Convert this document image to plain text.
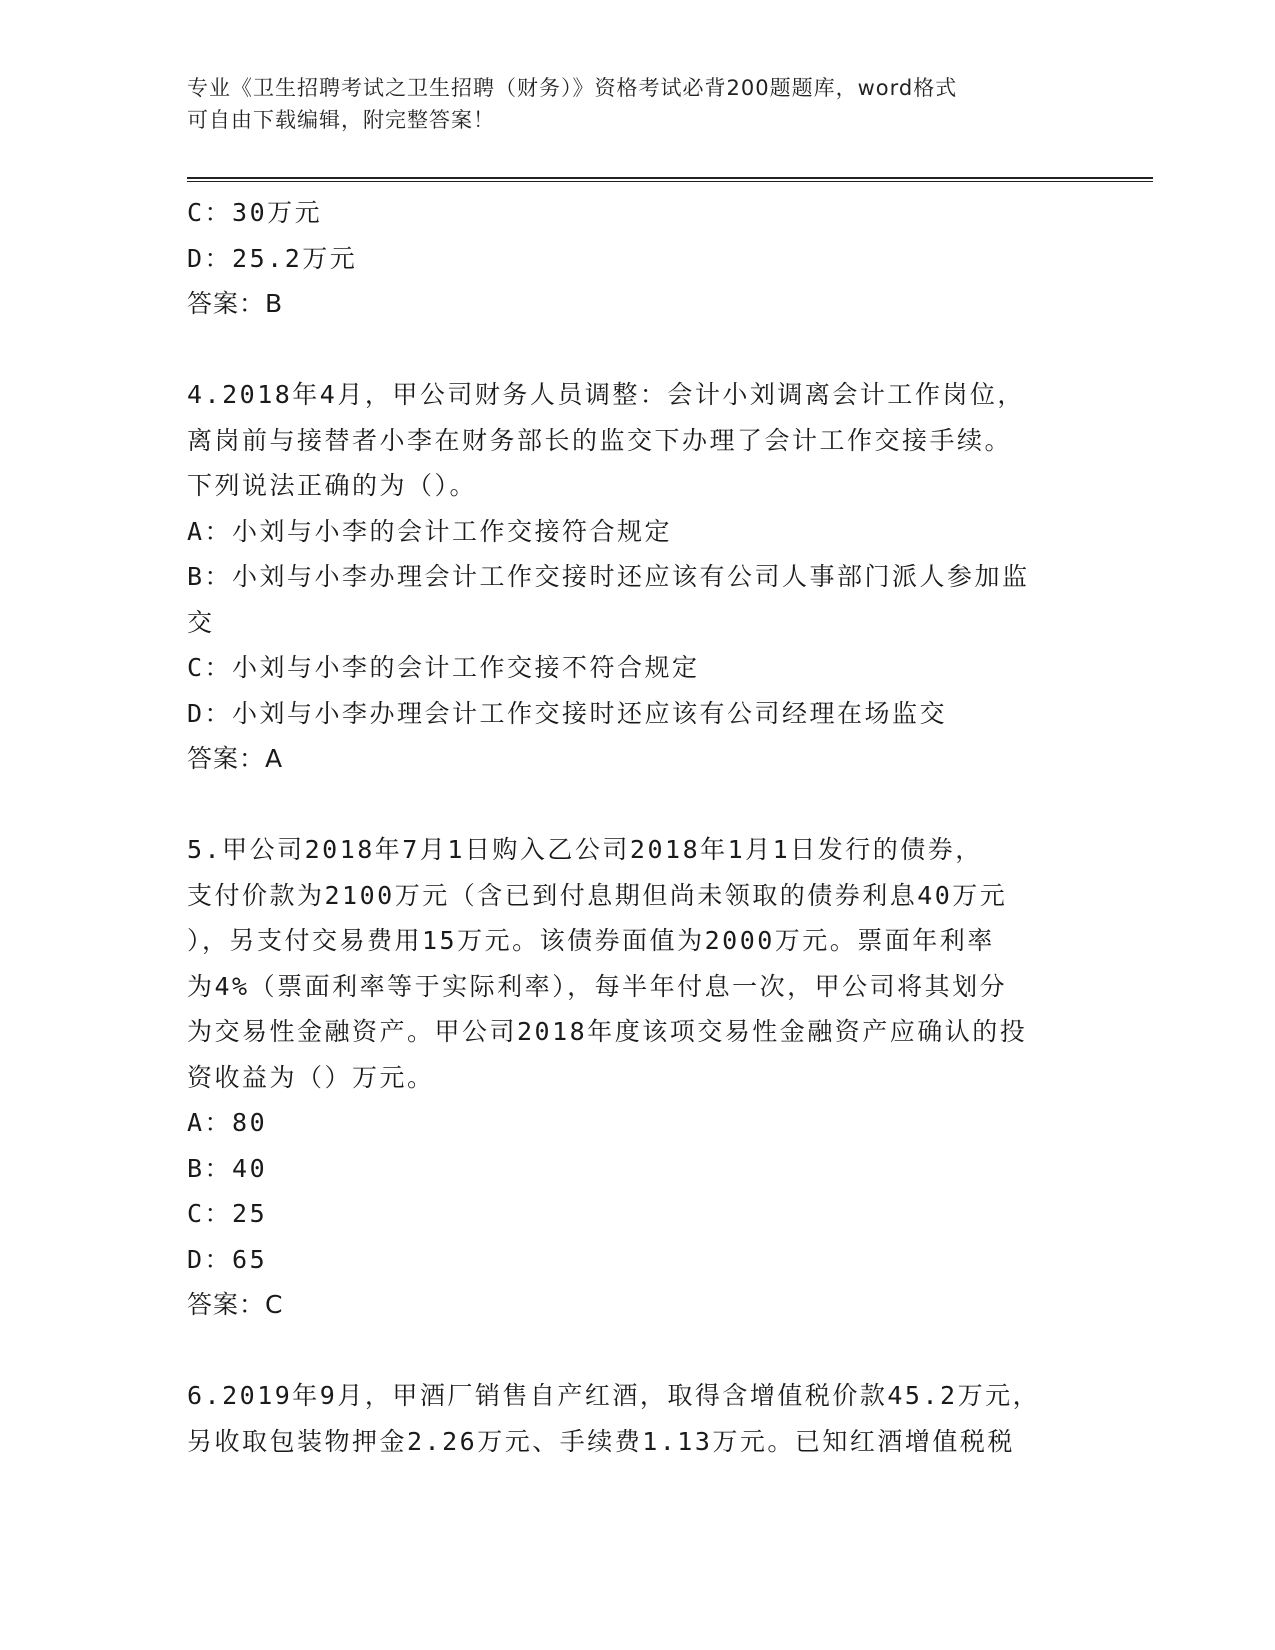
专业《卫生招聘考试之卫生招聘（财务）》资格考试必背200题题库，word格式
可自由下载编辑，附完整答案！
C：30万元
D：25.2万元
答案：B
4.2018年4月，甲公司财务人员调整：会计小刘调离会计工作岗位，
离岗前与接替者小李在财务部长的监交下办理了会计工作交接手续。
下列说法正确的为（）。
A：小刘与小李的会计工作交接符合规定
B：小刘与小李办理会计工作交接时还应该有公司人事部门派人参加监
交
C：小刘与小李的会计工作交接不符合规定
D：小刘与小李办理会计工作交接时还应该有公司经理在场监交
答案：A
5.甲公司2018年7月1日购入乙公司2018年1月1日发行的债券，
支付价款为2100万元（含已到付息期但尚未领取的债券利息40万元
），另支付交易费用15万元。该债券面值为2000万元。票面年利率
为4%（票面利率等于实际利率），每半年付息一次，甲公司将其划分
为交易性金融资产。甲公司2018年度该项交易性金融资产应确认的投
资收益为（）万元。
A：80
B：40
C：25
D：65
答案：C
6.2019年9月，甲酒厂销售自产红酒，取得含增值税价款45.2万元，
另收取包装物押金2.26万元、手续费1.13万元。已知红酒增值税税
